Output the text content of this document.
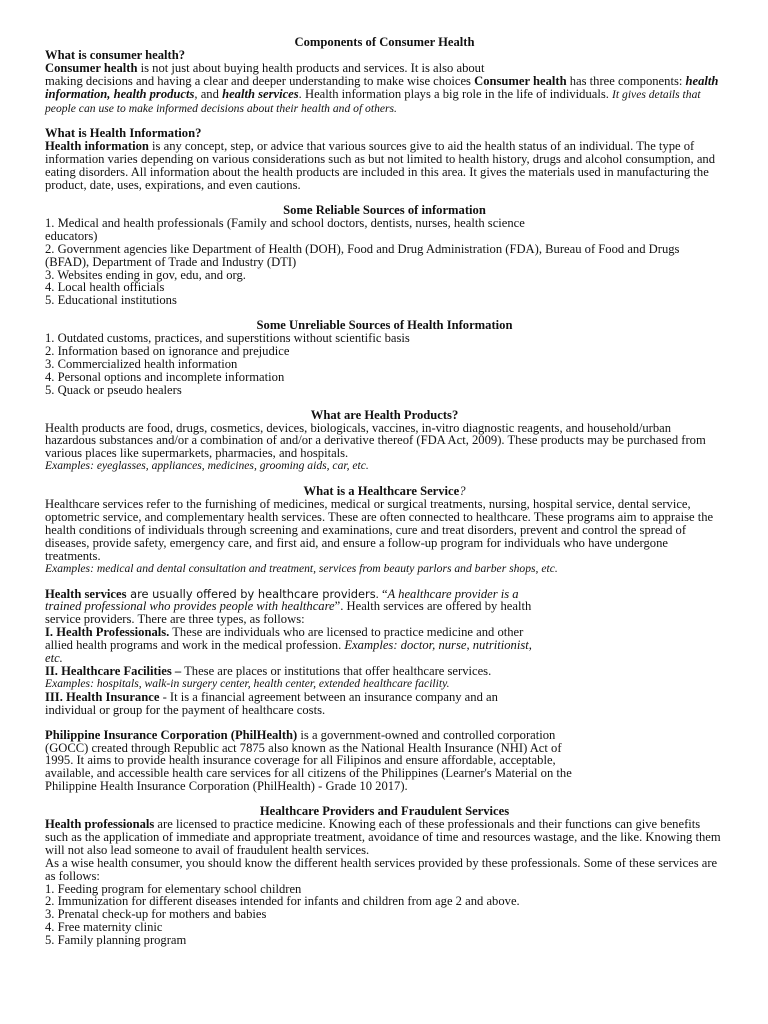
Components of Consumer Health

What is consumer health?

Consumer health is not just about buying health products and services. It is also about
making decisions and having a clear and deeper understanding to make wise choices Consumer health has three components: health information, health products, and health services. Health information plays a big role in the life of individuals. It gives details that people can use to make informed decisions about their health and of others.

What is Health Information?

Health information is any concept, step, or advice that various sources give to aid the health status of an individual. The type of information varies depending on various considerations such as but not limited to health history, drugs and alcohol consumption, and eating disorders. All information about the health products are included in this area. It gives the materials used in manufacturing the product, date, uses, expirations, and even cautions.

Some Reliable Sources of information

1. Medical and health professionals (Family and school doctors, dentists, nurses, health science educators)
2. Government agencies like Department of Health (DOH), Food and Drug Administration (FDA), Bureau of Food and Drugs (BFAD), Department of Trade and Industry (DTI)
3. Websites ending in gov, edu, and org.
4. Local health officials
5. Educational institutions

Some Unreliable Sources of Health Information

1. Outdated customs, practices, and superstitions without scientific basis
2. Information based on ignorance and prejudice
3. Commercialized health information
4. Personal options and incomplete information
5. Quack or pseudo healers

What are Health Products?

Health products are food, drugs, cosmetics, devices, biologicals, vaccines, in-vitro diagnostic reagents, and household/urban hazardous substances and/or a combination of and/or a derivative thereof (FDA Act, 2009). These products may be purchased from various places like supermarkets, pharmacies, and hospitals.

Examples: eyeglasses, appliances, medicines, grooming aids, car, etc.

What is a Healthcare Service?

Healthcare services refer to the furnishing of medicines, medical or surgical treatments, nursing, hospital service, dental service, optometric service, and complementary health services. These are often connected to healthcare. These programs aim to appraise the health conditions of individuals through screening and examinations, cure and treat disorders, prevent and control the spread of diseases, provide safety, emergency care, and first aid, and ensure a follow-up program for individuals who have undergone treatments.

Examples: medical and dental consultation and treatment, services from beauty parlors and barber shops, etc.

Health services are usually offered by healthcare providers. “A healthcare provider is a trained professional who provides people with healthcare”. Health services are offered by health service providers. There are three types, as follows:

I. Health Professionals. These are individuals who are licensed to practice medicine and other allied health programs and work in the medical profession. Examples: doctor, nurse, nutritionist, etc.

II. Healthcare Facilities – These are places or institutions that offer healthcare services.

Examples: hospitals, walk-in surgery center, health center, extended healthcare facility.

III. Health Insurance - It is a financial agreement between an insurance company and an individual or group for the payment of healthcare costs.

Philippine Insurance Corporation (PhilHealth) is a government-owned and controlled corporation (GOCC) created through Republic act 7875 also known as the National Health Insurance (NHI) Act of 1995. It aims to provide health insurance coverage for all Filipinos and ensure affordable, acceptable, available, and accessible health care services for all citizens of the Philippines (Learner's Material on the Philippine Health Insurance Corporation (PhilHealth) - Grade 10 2017).

Healthcare Providers and Fraudulent Services

Health professionals are licensed to practice medicine. Knowing each of these professionals and their functions can give benefits such as the application of immediate and appropriate treatment, avoidance of time and resources wastage, and the like. Knowing them will not also lead someone to avail of fraudulent health services.

As a wise health consumer, you should know the different health services provided by these professionals. Some of these services are as follows:

1. Feeding program for elementary school children
2. Immunization for different diseases intended for infants and children from age 2 and above.
3. Prenatal check-up for mothers and babies
4. Free maternity clinic
5. Family planning program
